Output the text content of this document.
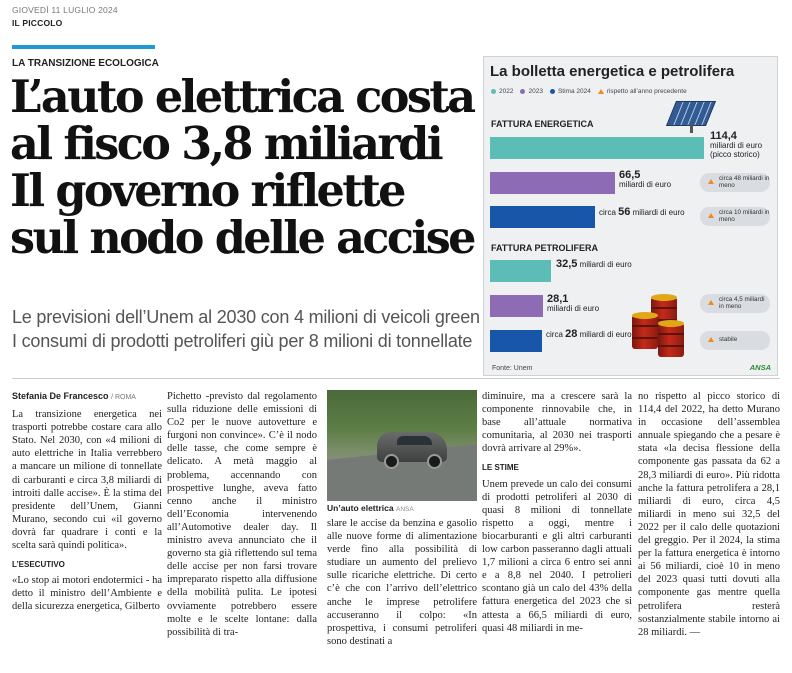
GIOVEDÌ 11 LUGLIO 2024
IL PICCOLO
LA TRANSIZIONE ECOLOGICA
L’auto elettrica costa
al fisco 3,8 miliardi
Il governo riflette
sul nodo delle accise
Le previsioni dell’Unem al 2030 con 4 milioni di veicoli green
I consumi di prodotti petroliferi giù per 8 milioni di tonnellate
La bolletta energetica e petrolifera
2022 2023 Stima 2024 rispetto all’anno precedente
FATTURA ENERGETICA
114,4
miliardi di euro
(picco storico)
66,5
miliardi di euro
circa 48 miliardi in meno
circa 56 miliardi di euro	circa 10 miliardi in meno
FATTURA PETROLIFERA
32,5 miliardi di euro
28,1
miliardi di euro
circa 4,5 miliardi in meno
circa 28 miliardi di euro

stabile
Fonte: Unem	ANSA
Stefania De Francesco / ROMA

La transizione energetica nei trasporti potrebbe costare cara allo Stato. Nel 2030, con «4 milioni di auto elettriche in Italia verrebbero a mancare un milione di tonnellate di carburanti e circa 3,8 miliardi di introiti dalle accise». È la stima del presidente dell’Unem, Gianni Murano, secondo cui «il governo dovrà far quadrare i conti e la scelta sarà quindi politica».

L’ESECUTIVO

«Lo stop ai motori endotermici - ha detto il ministro dell’Ambiente e della sicurezza energetica, Gilberto

Pichetto -previsto dal regolamento sulla riduzione delle emissioni di Co2 per le nuove autovetture e furgoni non convince». C’è il nodo delle tasse, che come sempre è delicato. A metà maggio al problema, accennando con prospettive lunghe, aveva fatto cenno anche il ministro dell’Economia intervenendo all’Automotive dealer day. Il ministro aveva annunciato che il governo sta già riflettendo sul tema delle accise per non farsi trovare impreparato rispetto alla diffusione della mobilità pulita. Le ipotesi ovviamente potrebbero essere molte e le scelte lontane: dalla possibilità di tra-

Un’auto elettrica ANSA

slare le accise da benzina e gasolio alle nuove forme di alimentazione verde fino alla possibilità di studiare un aumento del prelievo sulle ricariche elettriche. Di certo c’è che con l’arrivo dell’elettrico anche le imprese petrolifere accuseranno il colpo: «In prospettiva, i consumi petroliferi sono destinati a

diminuire, ma a crescere sarà la componente rinnovabile che, in base all’attuale normativa comunitaria, al 2030 nei trasporti dovrà arrivare al 29%».

LE STIME

Unem prevede un calo dei consumi di prodotti petroliferi al 2030 di quasi 8 milioni di tonnellate rispetto a oggi, mentre i biocarburanti e gli altri carburanti low carbon passeranno dagli attuali 1,7 milioni a circa 6 entro sei anni e a 8,8 nel 2040. I petrolieri scontano già un calo del 43% della fattura energetica del 2023 che si attesta a 66,5 miliardi di euro, quasi 48 miliardi in me-

no rispetto al picco storico di 114,4 del 2022, ha detto Murano in occasione dell’assemblea annuale spiegando che a pesare è stata «la decisa flessione della componente gas passata da 62 a 28,3 miliardi di euro». Più ridotta anche la fattura petrolifera a 28,1 miliardi di euro, circa 4,5 miliardi in meno sui 32,5 del 2022 per il calo delle quotazioni del greggio. Per il 2024, la stima per la fattura energetica è intorno ai 56 miliardi, cioè 10 in meno del 2023 quasi tutti dovuti alla componente gas mentre quella petrolifera resterà sostanzialmente stabile intorno ai 28 miliardi. —
